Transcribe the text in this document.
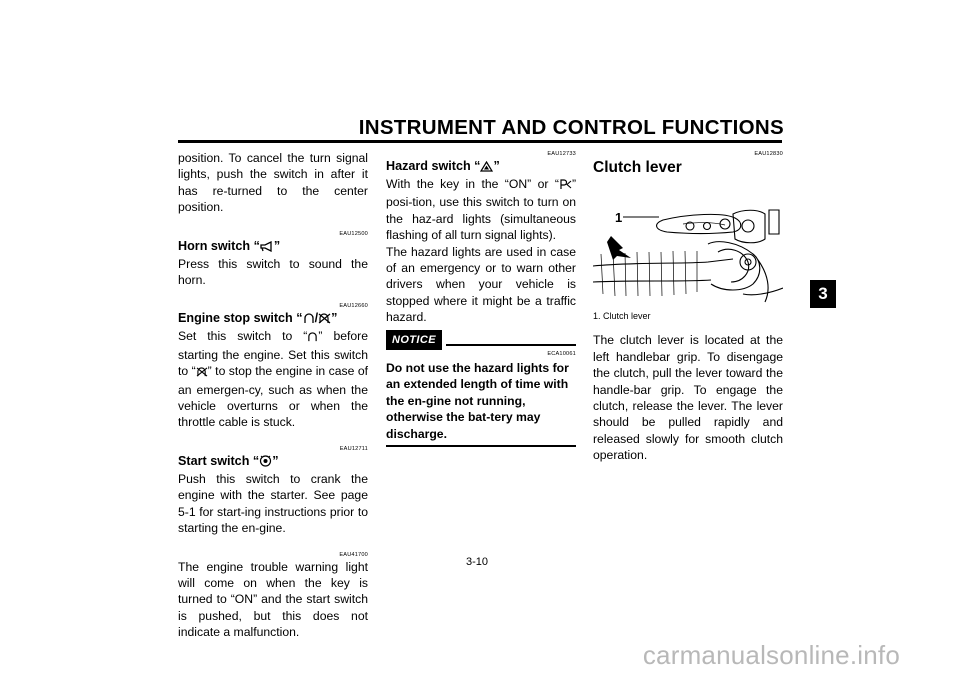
INSTRUMENT AND CONTROL FUNCTIONS
3

position. To cancel the turn signal lights, push the switch in after it has re-turned to the center position.

EAU12500
Horn switch “ ”

Press this switch to sound the horn.

EAU12660
Engine stop switch “ / ”

Set this switch to “ ” before starting the engine. Set this switch to “ ” to stop the engine in case of an emergen-cy, such as when the vehicle overturns or when the throttle cable is stuck.

EAU12711
Start switch “ ”

Push this switch to crank the engine with the starter. See page 5-1 for start-ing instructions prior to starting the en-gine.

EAU41700

The engine trouble warning light will come on when the key is turned to “ON” and the start switch is pushed, but this does not indicate a malfunction.

EAU12733
Hazard switch “ ”

With the key in the “ON” or “ ” posi-tion, use this switch to turn on the haz-ard lights (simultaneous flashing of all turn signal lights).

The hazard lights are used in case of an emergency or to warn other drivers when your vehicle is stopped where it might be a traffic hazard.

NOTICE
ECA10061

Do not use the hazard lights for an extended length of time with the en-gine not running, otherwise the bat-tery may discharge.

EAU12830
Clutch lever
1
1. Clutch lever

The clutch lever is located at the left handlebar grip. To disengage the clutch, pull the lever toward the handle-bar grip. To engage the clutch, release the lever. The lever should be pulled rapidly and released slowly for smooth clutch operation.

3-10
carmanualsonline.info
